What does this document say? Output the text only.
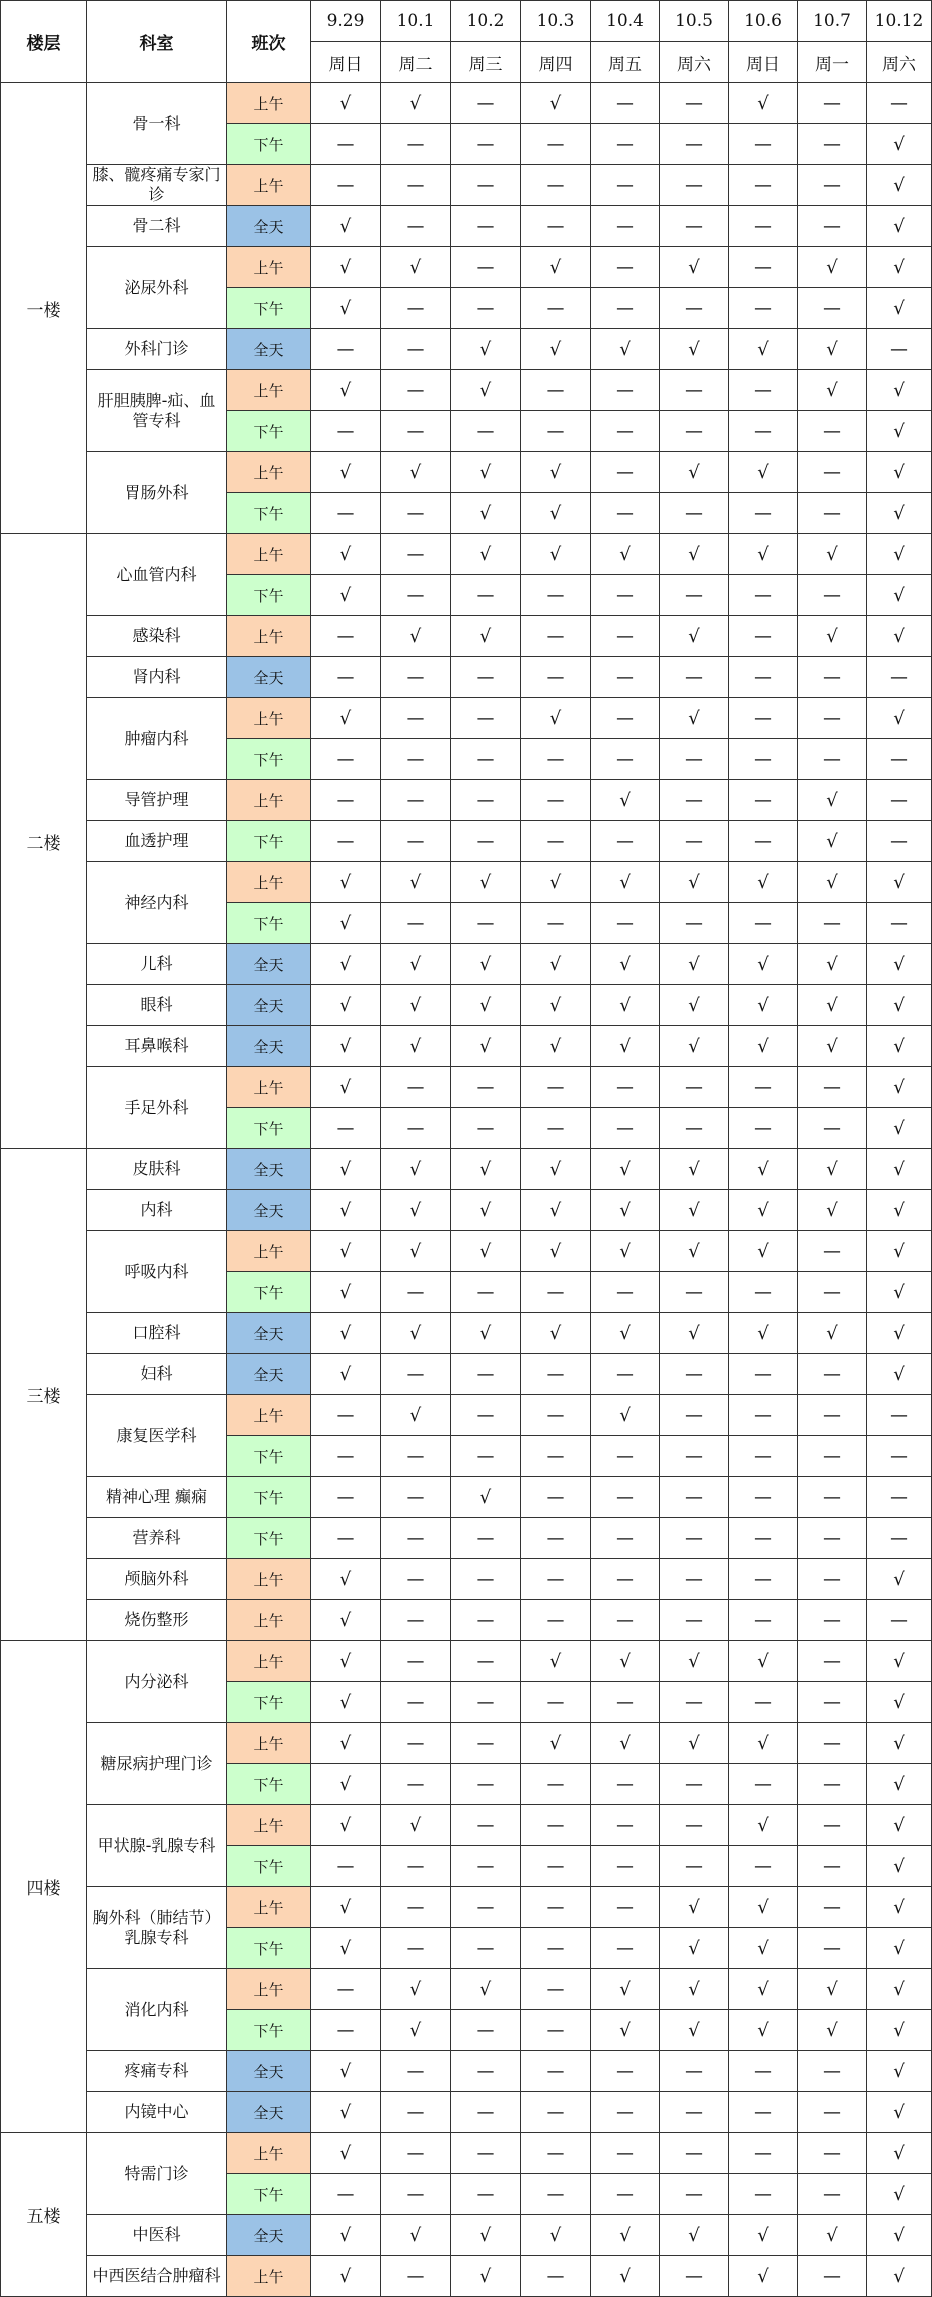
楼层	科室	班次	9.29	10.1	10.2	10.3	10.4	10.5	10.6	10.7	10.12
			周日	周二	周三	周四	周五	周六	周日	周一	周六
一楼	骨一科	上午	√	√	—	√	—	—	√	—	—
		下午	—	—	—	—	—	—	—	—	√
	膝、髋疼痛专家门诊	上午	—	—	—	—	—	—	—	—	√
	骨二科	全天	√	—	—	—	—	—	—	—	√
	泌尿外科	上午	√	√	—	√	—	√	—	√	√
		下午	√	—	—	—	—	—	—	—	√
	外科门诊	全天	—	—	√	√	√	√	√	√	—
	肝胆胰脾-疝、血管专科	上午	√	—	√	—	—	—	—	√	√
		下午	—	—	—	—	—	—	—	—	√
	胃肠外科	上午	√	√	√	√	—	√	√	—	√
		下午	—	—	√	√	—	—	—	—	√
二楼	心血管内科	上午	√	—	√	√	√	√	√	√	√
		下午	√	—	—	—	—	—	—	—	√
	感染科	上午	—	√	√	—	—	√	—	√	√
	肾内科	全天	—	—	—	—	—	—	—	—	—
	肿瘤内科	上午	√	—	—	√	—	√	—	—	√
		下午	—	—	—	—	—	—	—	—	—
	导管护理	上午	—	—	—	—	√	—	—	√	—
	血透护理	下午	—	—	—	—	—	—	—	√	—
	神经内科	上午	√	√	√	√	√	√	√	√	√
		下午	√	—	—	—	—	—	—	—	—
	儿科	全天	√	√	√	√	√	√	√	√	√
	眼科	全天	√	√	√	√	√	√	√	√	√
	耳鼻喉科	全天	√	√	√	√	√	√	√	√	√
	手足外科	上午	√	—	—	—	—	—	—	—	√
		下午	—	—	—	—	—	—	—	—	√
三楼	皮肤科	全天	√	√	√	√	√	√	√	√	√
	内科	全天	√	√	√	√	√	√	√	√	√
	呼吸内科	上午	√	√	√	√	√	√	√	—	√
		下午	√	—	—	—	—	—	—	—	√
	口腔科	全天	√	√	√	√	√	√	√	√	√
	妇科	全天	√	—	—	—	—	—	—	—	√
	康复医学科	上午	—	√	—	—	√	—	—	—	—
		下午	—	—	—	—	—	—	—	—	—
	精神心理 癫痫	下午	—	—	√	—	—	—	—	—	—
	营养科	下午	—	—	—	—	—	—	—	—	—
	颅脑外科	上午	√	—	—	—	—	—	—	—	√
	烧伤整形	上午	√	—	—	—	—	—	—	—	—
四楼	内分泌科	上午	√	—	—	√	√	√	√	—	√
		下午	√	—	—	—	—	—	—	—	√
	糖尿病护理门诊	上午	√	—	—	√	√	√	√	—	√
		下午	√	—	—	—	—	—	—	—	√
	甲状腺-乳腺专科	上午	√	√	—	—	—	—	√	—	√
		下午	—	—	—	—	—	—	—	—	√
	胸外科（肺结节）乳腺专科	上午	√	—	—	—	—	√	√	—	√
		下午	√	—	—	—	—	√	√	—	√
	消化内科	上午	—	√	√	—	√	√	√	√	√
		下午	—	√	—	—	√	√	√	√	√
	疼痛专科	全天	√	—	—	—	—	—	—	—	√
	内镜中心	全天	√	—	—	—	—	—	—	—	√
五楼	特需门诊	上午	√	—	—	—	—	—	—	—	√
		下午	—	—	—	—	—	—	—	—	√
	中医科	全天	√	√	√	√	√	√	√	√	√
	中西医结合肿瘤科	上午	√	—	√	—	√	—	√	—	√
